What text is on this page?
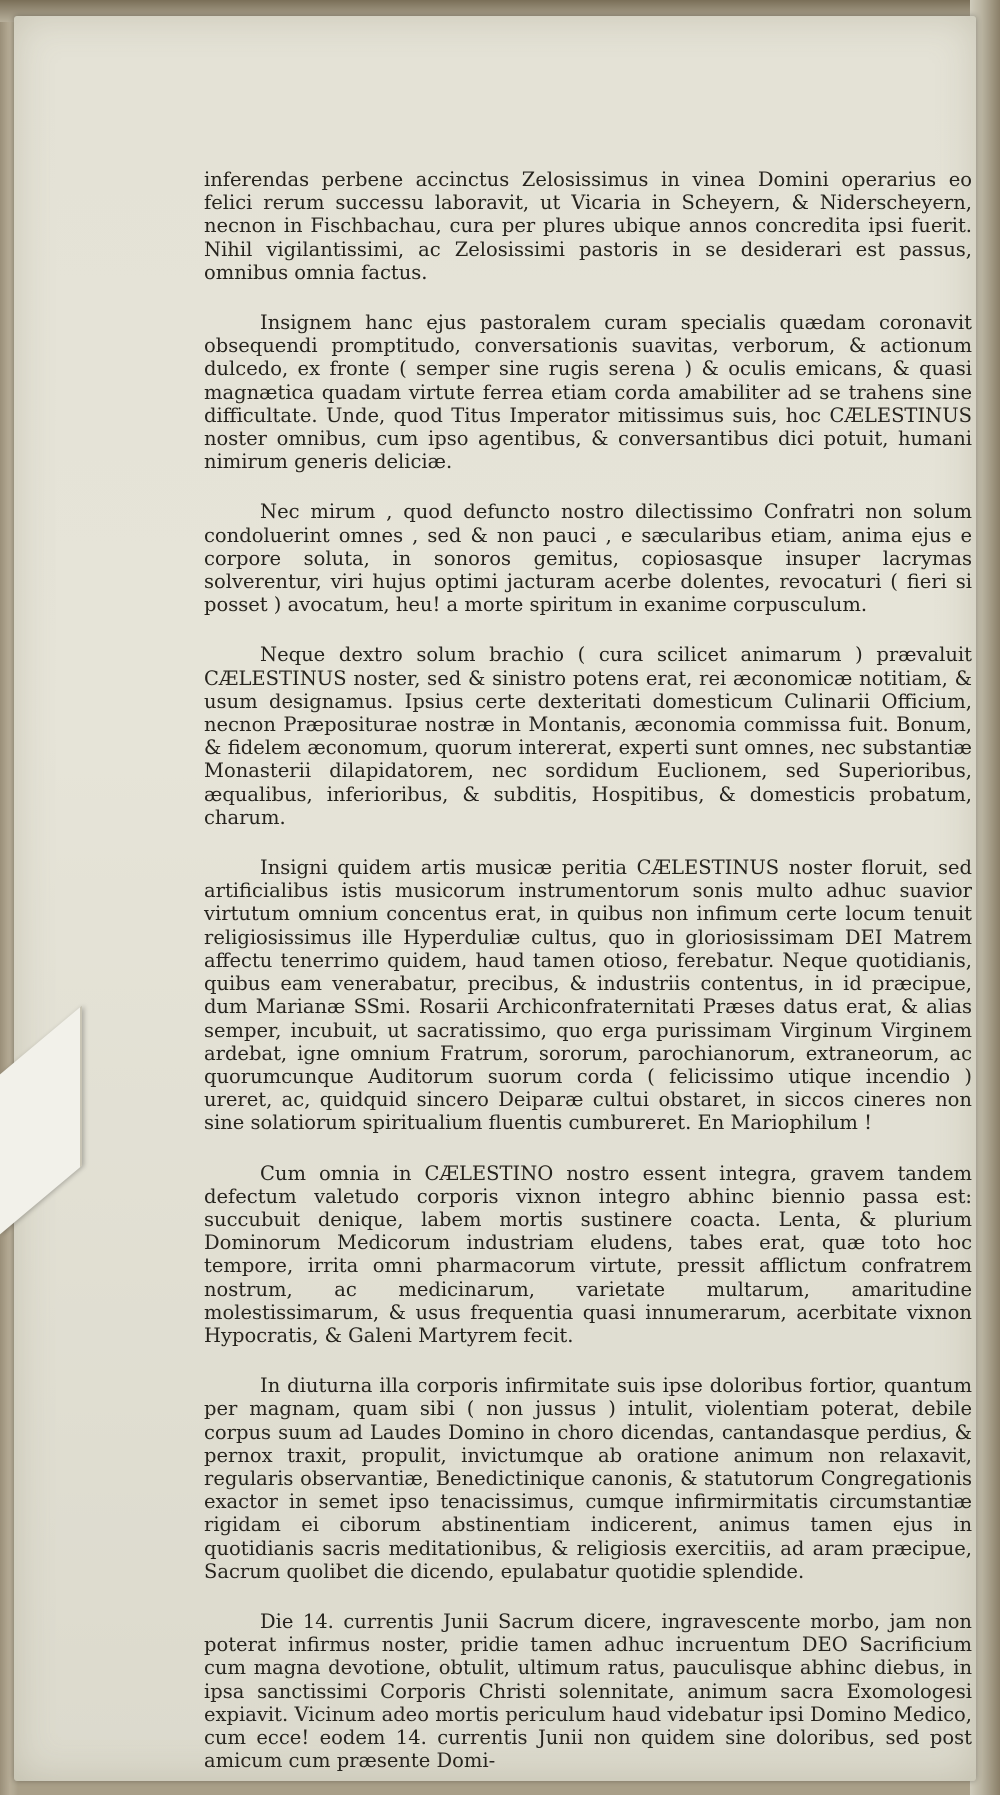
inferendas perbene accinctus Zelosissimus in vinea Domini operarius eo felici rerum successu laboravit, ut Vicaria in Scheyern, & Niderscheyern, necnon in Fischbachau, cura per plures ubique annos concredita ipsi fuerit. Nihil vigilantissimi, ac Zelosissimi pastoris in se desiderari est passus, omnibus omnia factus.

Insignem hanc ejus pastoralem curam specialis quædam coronavit obsequendi promptitudo, conversationis suavitas, verborum, & actionum dulcedo, ex fronte ( semper sine rugis serena ) & oculis emicans, & quasi magnætica quadam virtute ferrea etiam corda amabiliter ad se trahens sine difficultate. Unde, quod Titus Imperator mitissimus suis, hoc CÆLESTINUS noster omnibus, cum ipso agentibus, & conversantibus dici potuit, humani nimirum generis deliciæ.

Nec mirum , quod defuncto nostro dilectissimo Confratri non solum condoluerint omnes , sed & non pauci , e sæcularibus etiam, anima ejus e corpore soluta, in sonoros gemitus, copiosasque insuper lacrymas solverentur, viri hujus optimi jacturam acerbe dolentes, revocaturi ( fieri si posset ) avocatum, heu! a morte spiritum in exanime corpusculum.

Neque dextro solum brachio ( cura scilicet animarum ) prævaluit CÆLESTINUS noster, sed & sinistro potens erat, rei æconomicæ notitiam, & usum designamus. Ipsius certe dexteritati domesticum Culinarii Officium, necnon Præpositurae nostræ in Montanis, æconomia commissa fuit. Bonum, & fidelem æconomum, quorum intererat, experti sunt omnes, nec substantiæ Monasterii dilapidatorem, nec sordidum Euclionem, sed Superioribus, æqualibus, inferioribus, & subditis, Hospitibus, & domesticis probatum, charum.

Insigni quidem artis musicæ peritia CÆLESTINUS noster floruit, sed artificialibus istis musicorum instrumentorum sonis multo adhuc suavior virtutum omnium concentus erat, in quibus non infimum certe locum tenuit religiosissimus ille Hyperduliæ cultus, quo in gloriosissimam DEI Matrem affectu tenerrimo quidem, haud tamen otioso, ferebatur. Neque quotidianis, quibus eam venerabatur, precibus, & industriis contentus, in id præcipue, dum Marianæ SSmi. Rosarii Archiconfraternitati Præses datus erat, & alias semper, incubuit, ut sacratissimo, quo erga purissimam Virginum Virginem ardebat, igne omnium Fratrum, sororum, parochianorum, extraneorum, ac quorumcunque Auditorum suorum corda ( felicissimo utique incendio ) ureret, ac, quidquid sincero Deiparæ cultui obstaret, in siccos cineres non sine solatiorum spiritualium fluentis cumbureret. En Mariophilum !

Cum omnia in CÆLESTINO nostro essent integra, gravem tandem defectum valetudo corporis vixnon integro abhinc biennio passa est: succubuit denique, labem mortis sustinere coacta. Lenta, & plurium Dominorum Medicorum industriam eludens, tabes erat, quæ toto hoc tempore, irrita omni pharmacorum virtute, pressit afflictum confratrem nostrum, ac medicinarum, varietate multarum, amaritudine molestissimarum, & usus frequentia quasi innumerarum, acerbitate vixnon Hypocratis, & Galeni Martyrem fecit.

In diuturna illa corporis infirmitate suis ipse doloribus fortior, quantum per magnam, quam sibi ( non jussus ) intulit, violentiam poterat, debile corpus suum ad Laudes Domino in choro dicendas, cantandasque perdius, & pernox traxit, propulit, invictumque ab oratione animum non relaxavit, regularis observantiæ, Benedictinique canonis, & statutorum Congregationis exactor in semet ipso tenacissimus, cumque infirmirmitatis circumstantiæ rigidam ei ciborum abstinentiam indicerent, animus tamen ejus in quotidianis sacris meditationibus, & religiosis exercitiis, ad aram præcipue, Sacrum quolibet die dicendo, epulabatur quotidie splendide.

Die 14. currentis Junii Sacrum dicere, ingravescente morbo, jam non poterat infirmus noster, pridie tamen adhuc incruentum DEO Sacrificium cum magna devotione, obtulit, ultimum ratus, pauculisque abhinc diebus, in ipsa sanctissimi Corporis Christi solennitate, animum sacra Exomologesi expiavit. Vicinum adeo mortis periculum haud videbatur ipsi Domino Medico, cum ecce! eodem 14. currentis Junii non quidem sine doloribus, sed post amicum cum præsente Domi-
